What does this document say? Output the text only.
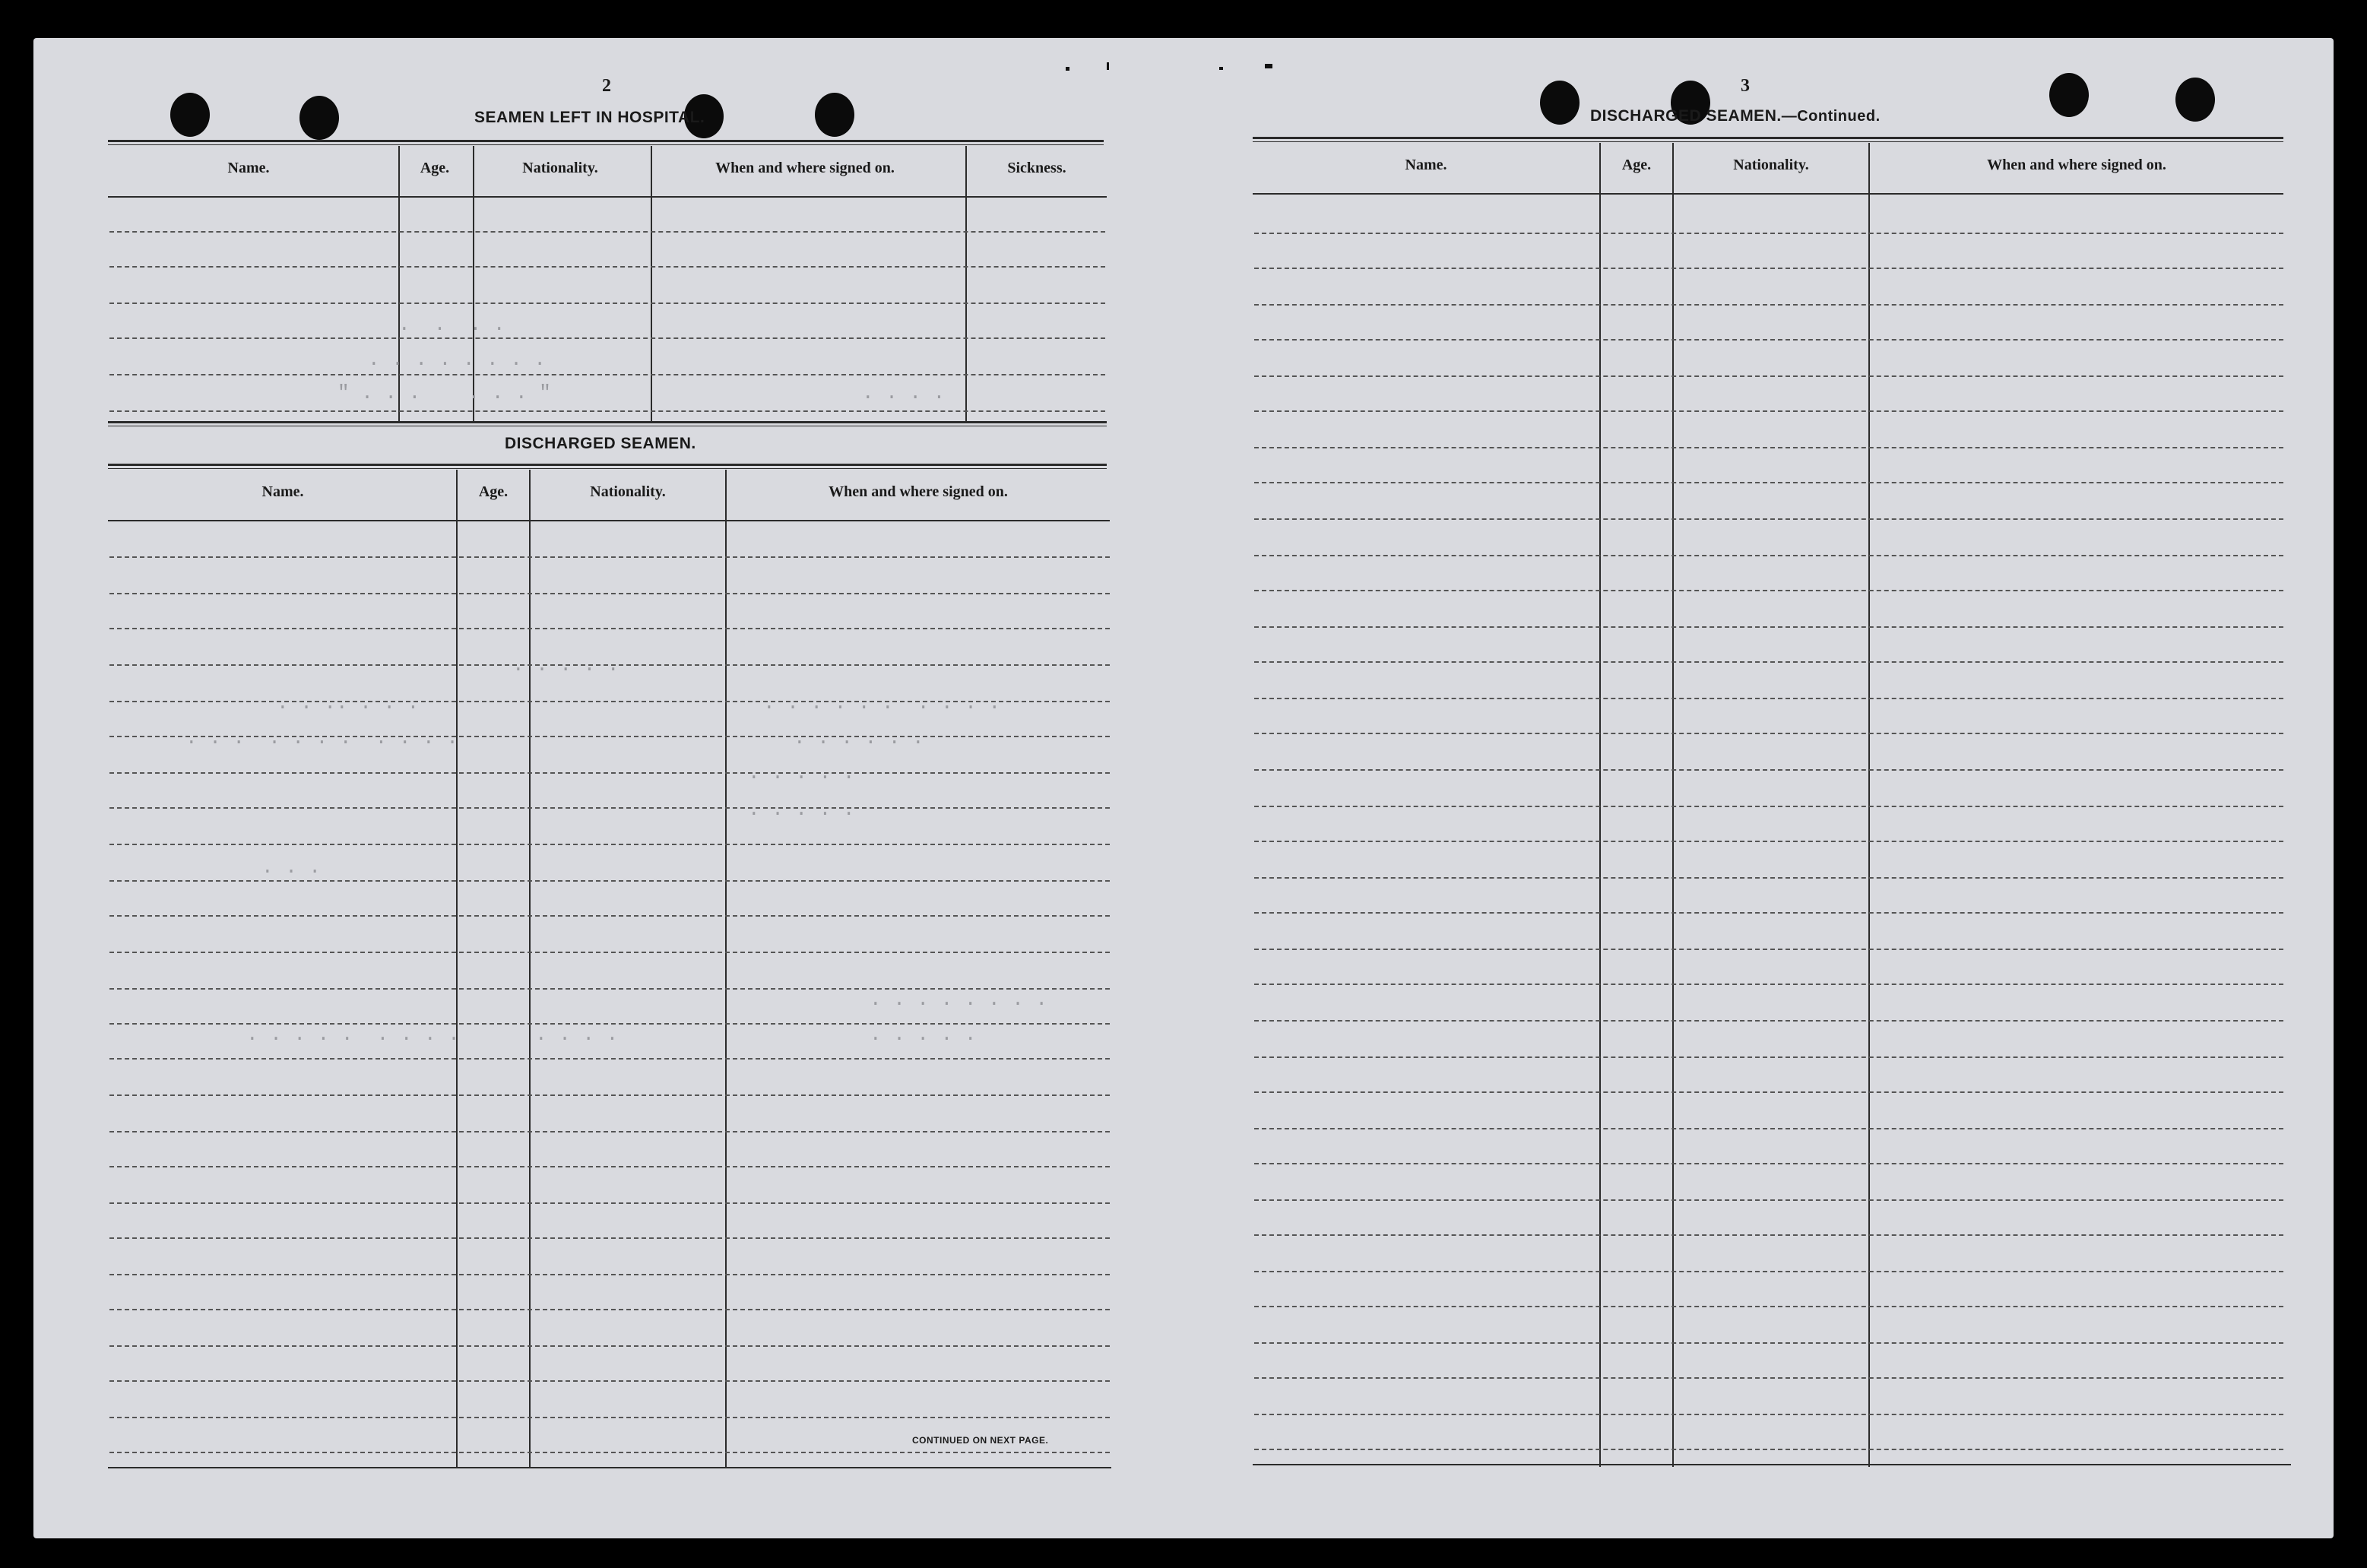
2
SEAMEN LEFT IN HOSPITAL.
Name.	Age.	Nationality.	When and where signed on.	Sickness.
.  .  . .
. . . . . . . .
" . . .    . . . "	. . . .
DISCHARGED SEAMEN.
Name.	Age.	Nationality.	When and where signed on.
. . . . .
. . .. . . .
. . .  . . . .  . . . .
. . . . . .  . . . .
. . . . . .
. . . . .
. . . . .
. . .
. . . . . . . .
. . . . .  . . . .	. . . .	. . . . .
CONTINUED ON NEXT PAGE.
3
DISCHARGED SEAMEN.—Continued.
Name.	Age.	Nationality.	When and where signed on.
